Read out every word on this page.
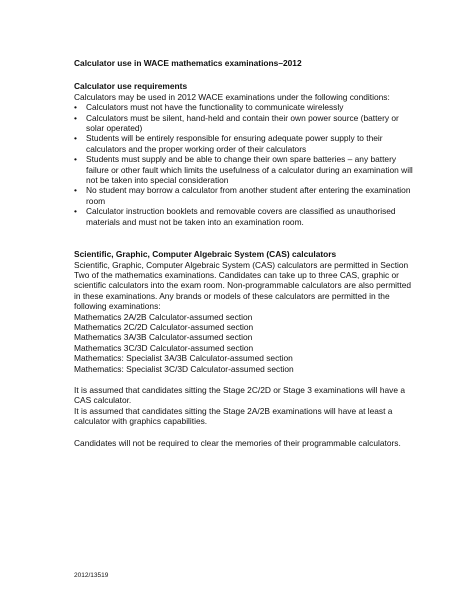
Calculator use in WACE mathematics examinations–2012

Calculator use requirements

Calculators may be used in 2012 WACE examinations under the following conditions:

• Calculators must not have the functionality to communicate wirelessly
• Calculators must be silent, hand-held and contain their own power source (battery or solar operated)
• Students will be entirely responsible for ensuring adequate power supply to their calculators and the proper working order of their calculators
• Students must supply and be able to change their own spare batteries – any battery failure or other fault which limits the usefulness of a calculator during an examination will not be taken into special consideration
• No student may borrow a calculator from another student after entering the examination room
• Calculator instruction booklets and removable covers are classified as unauthorised materials and must not be taken into an examination room.

Scientific, Graphic, Computer Algebraic System (CAS) calculators

Scientific, Graphic, Computer Algebraic System (CAS) calculators are permitted in Section Two of the mathematics examinations. Candidates can take up to three CAS, graphic or scientific calculators into the exam room. Non-programmable calculators are also permitted in these examinations. Any brands or models of these calculators are permitted in the following examinations:

Mathematics 2A/2B Calculator-assumed section

Mathematics 2C/2D Calculator-assumed section

Mathematics 3A/3B Calculator-assumed section

Mathematics 3C/3D Calculator-assumed section

Mathematics: Specialist 3A/3B Calculator-assumed section

Mathematics: Specialist 3C/3D Calculator-assumed section

It is assumed that candidates sitting the Stage 2C/2D or Stage 3 examinations will have a CAS calculator.

It is assumed that candidates sitting the Stage 2A/2B examinations will have at least a calculator with graphics capabilities.

Candidates will not be required to clear the memories of their programmable calculators.

2012/13519
